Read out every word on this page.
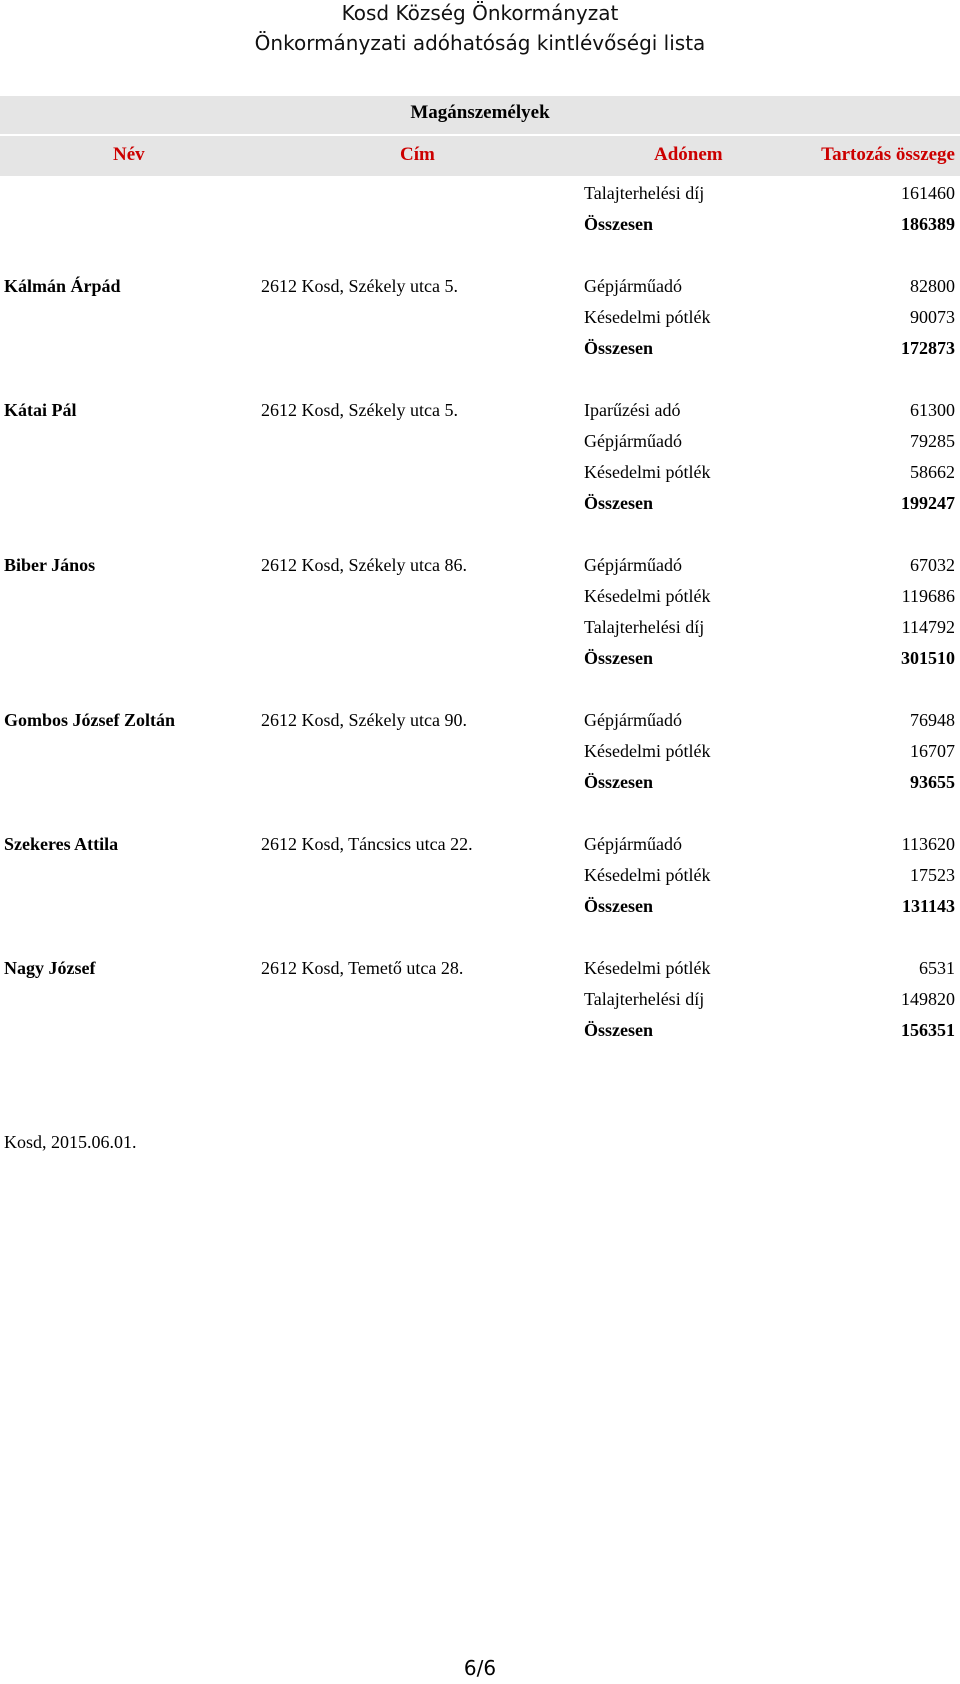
Kosd Község Önkormányzat
Önkormányzati adóhatóság kintlévőségi lista
Magánszemélyek
Név	Cím	Adónem	Tartozás összege
Talajterhelési díj	161460
Összesen	186389
Kálmán Árpád	2612 Kosd, Székely utca 5.	Gépjárműadó	82800
Késedelmi pótlék	90073
Összesen	172873
Kátai Pál	2612 Kosd, Székely utca 5.	Iparűzési adó	61300
Gépjárműadó	79285
Késedelmi pótlék	58662
Összesen	199247
Biber János	2612 Kosd, Székely utca 86.	Gépjárműadó	67032
Késedelmi pótlék	119686
Talajterhelési díj	114792
Összesen	301510
Gombos József Zoltán	2612 Kosd, Székely utca 90.	Gépjárműadó	76948
Késedelmi pótlék	16707
Összesen	93655
Szekeres Attila	2612 Kosd, Táncsics utca 22.	Gépjárműadó	113620
Késedelmi pótlék	17523
Összesen	131143
Nagy József	2612 Kosd, Temető utca 28.	Késedelmi pótlék	6531
Talajterhelési díj	149820
Összesen	156351
Kosd, 2015.06.01.
6/6
